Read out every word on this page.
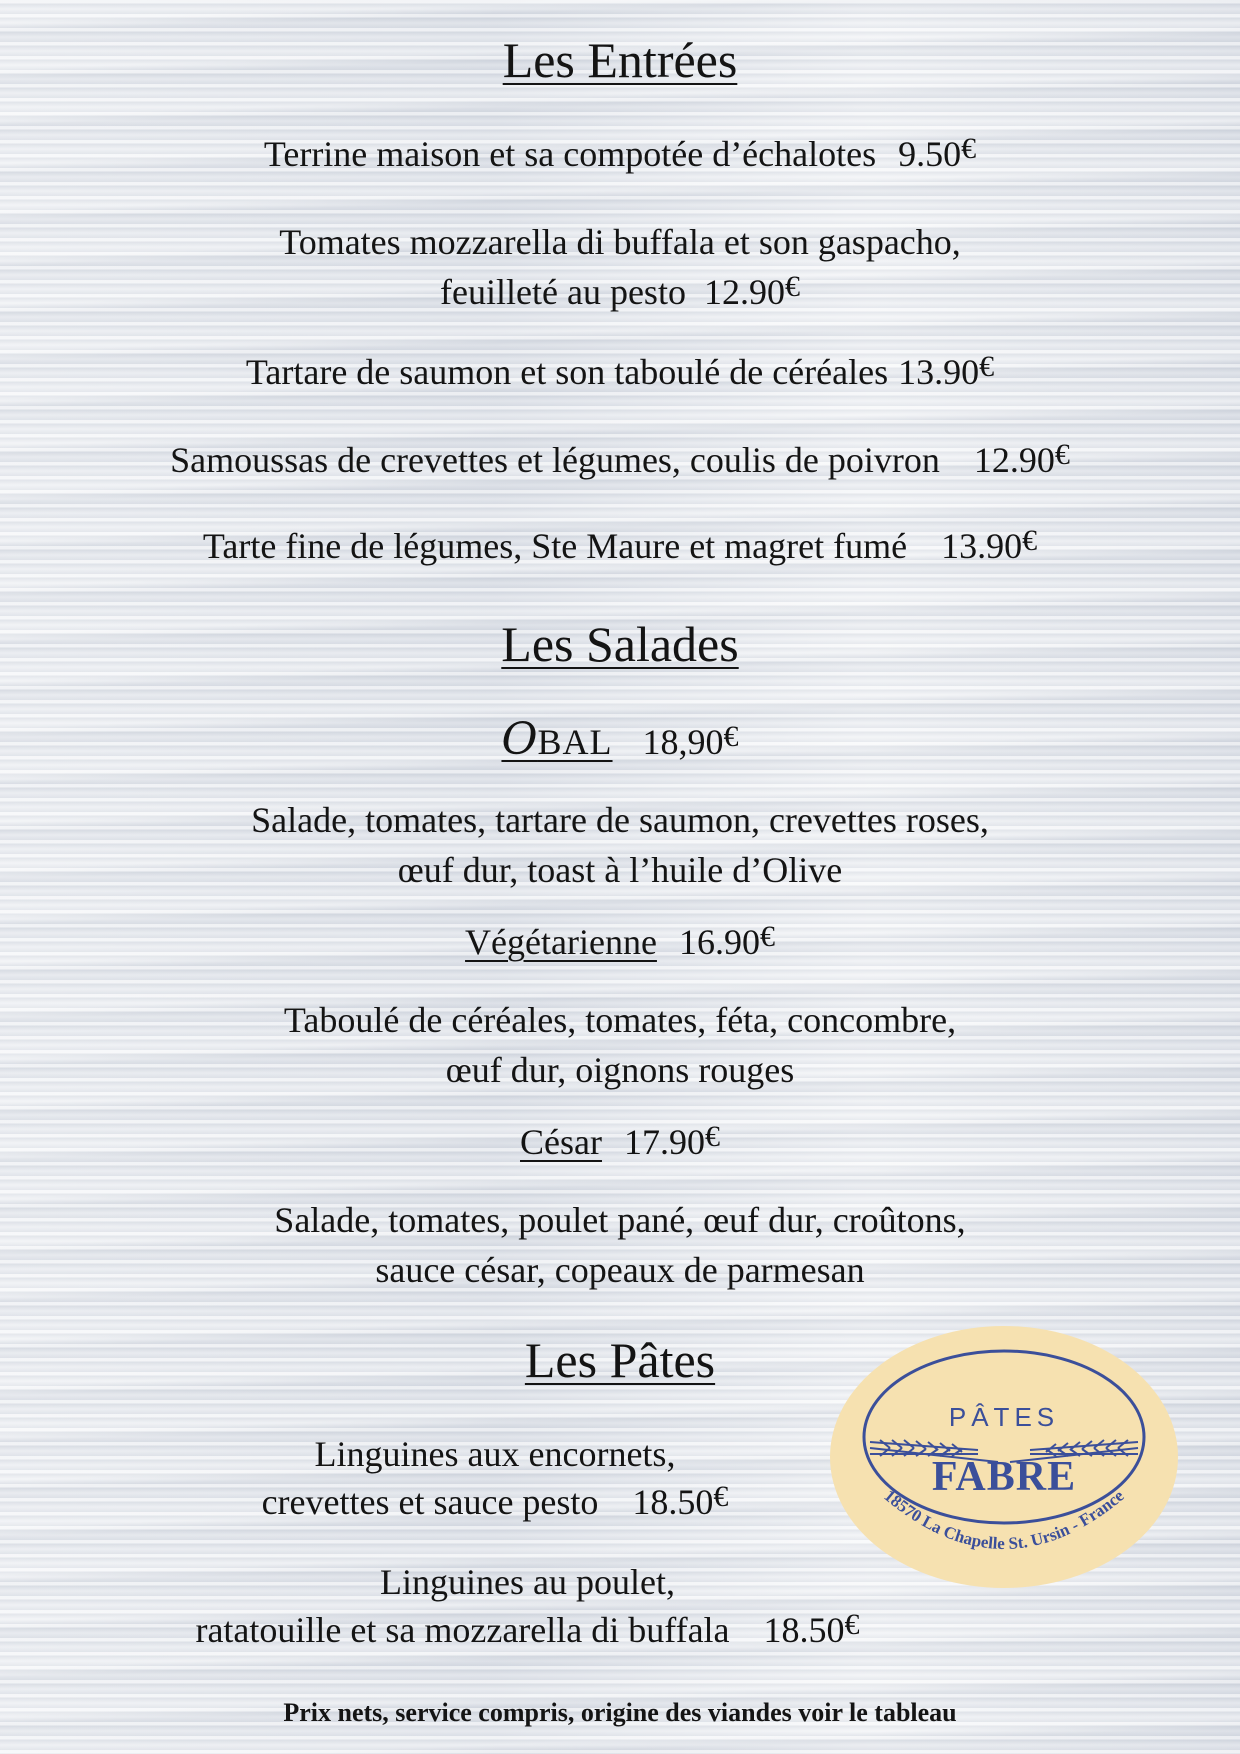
Les Entrées
Terrine maison et sa compotée d’échalotes 9.50€
Tomates mozzarella di buffala et son gaspacho,
feuilleté au pesto 12.90€
Tartare de saumon et son taboulé de céréales 13.90€
Samoussas de crevettes et légumes, coulis de poivron 12.90€
Tarte fine de légumes, Ste Maure et magret fumé 13.90€
Les Salades
OBAL 18,90€
Salade, tomates, tartare de saumon, crevettes roses,
œuf dur, toast à l’huile d’Olive
Végétarienne 16.90€
Taboulé de céréales, tomates, féta, concombre,
œuf dur, oignons rouges
César 17.90€
Salade, tomates, poulet pané, œuf dur, croûtons,
sauce césar, copeaux de parmesan
Les Pâtes
Linguines aux encornets,
crevettes et sauce pesto 18.50€
Linguines au poulet,
ratatouille et sa mozzarella di buffala 18.50€
PÂTES
FABRE
18570 La Chapelle St. Ursin - France
Prix nets, service compris, origine des viandes voir le tableau
